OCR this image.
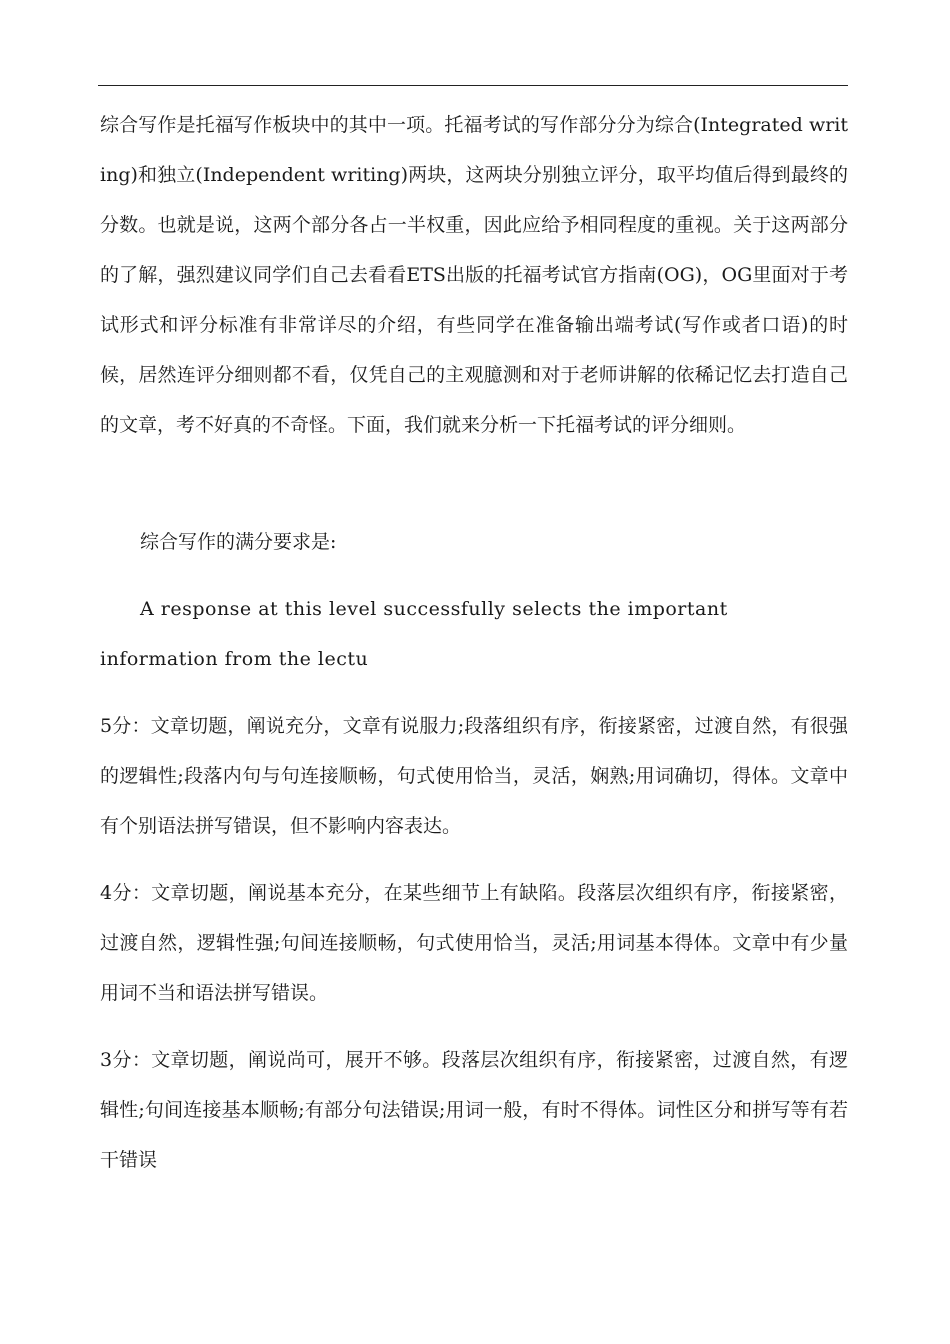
综合写作是托福写作板块中的其中一项。托福考试的写作部分分为综合(Integrated writing)和独立(Independent writing)两块，这两块分别独立评分，取平均值后得到最终的分数。也就是说，这两个部分各占一半权重，因此应给予相同程度的重视。关于这两部分的了解，强烈建议同学们自己去看看ETS出版的托福考试官方指南(OG)，OG里面对于考试形式和评分标准有非常详尽的介绍，有些同学在准备输出端考试(写作或者口语)的时候，居然连评分细则都不看，仅凭自己的主观臆测和对于老师讲解的依稀记忆去打造自己的文章，考不好真的不奇怪。下面，我们就来分析一下托福考试的评分细则。

综合写作的满分要求是:

A response at this level successfully selects the important information from the lectu

5分：文章切题，阐说充分，文章有说服力;段落组织有序，衔接紧密，过渡自然，有很强的逻辑性;段落内句与句连接顺畅，句式使用恰当，灵活，娴熟;用词确切，得体。文章中有个别语法拼写错误，但不影响内容表达。

4分：文章切题，阐说基本充分，在某些细节上有缺陷。段落层次组织有序，衔接紧密，过渡自然，逻辑性强;句间连接顺畅，句式使用恰当，灵活;用词基本得体。文章中有少量用词不当和语法拼写错误。

3分：文章切题，阐说尚可，展开不够。段落层次组织有序，衔接紧密，过渡自然，有逻辑性;句间连接基本顺畅;有部分句法错误;用词一般，有时不得体。词性区分和拼写等有若干错误
